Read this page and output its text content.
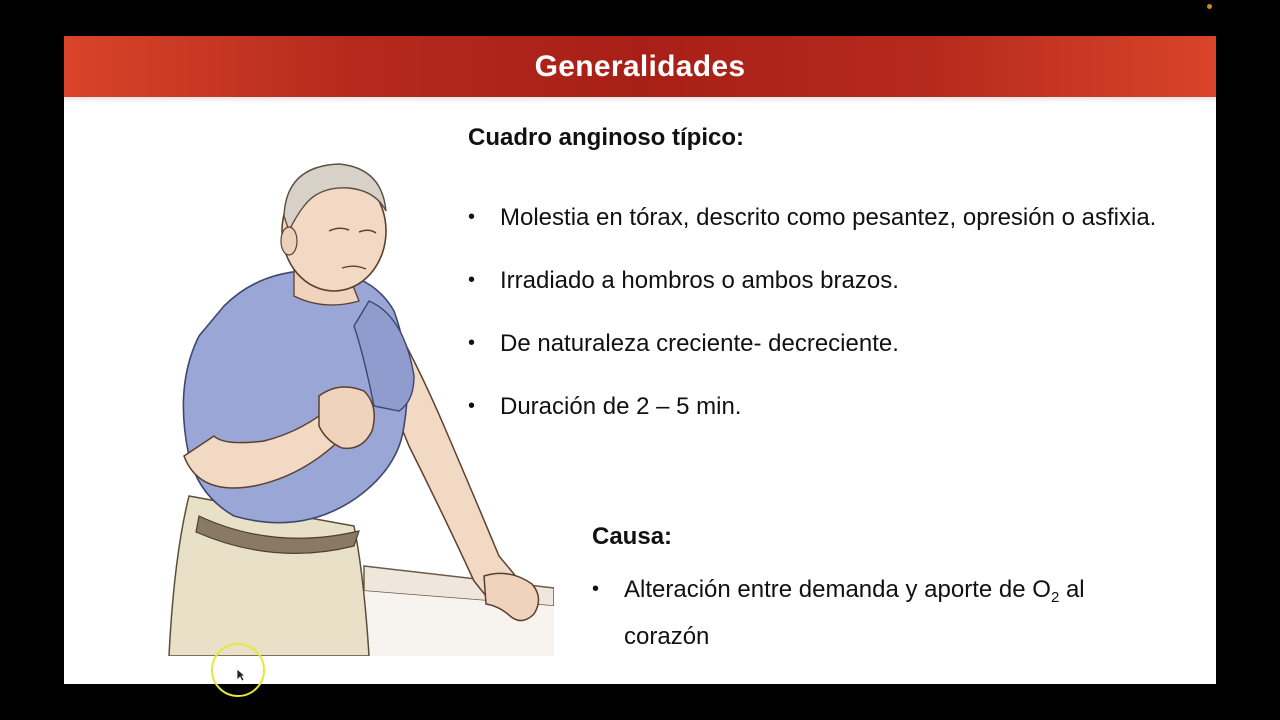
Generalidades
Cuadro anginoso típico:
• Molestia en tórax, descrito como pesantez, opresión o asfixia.
• Irradiado a hombros o ambos brazos.
• De naturaleza creciente- decreciente.
• Duración de 2 – 5 min.
Causa:
• Alteración entre demanda y aporte de $O_2$ al corazón
